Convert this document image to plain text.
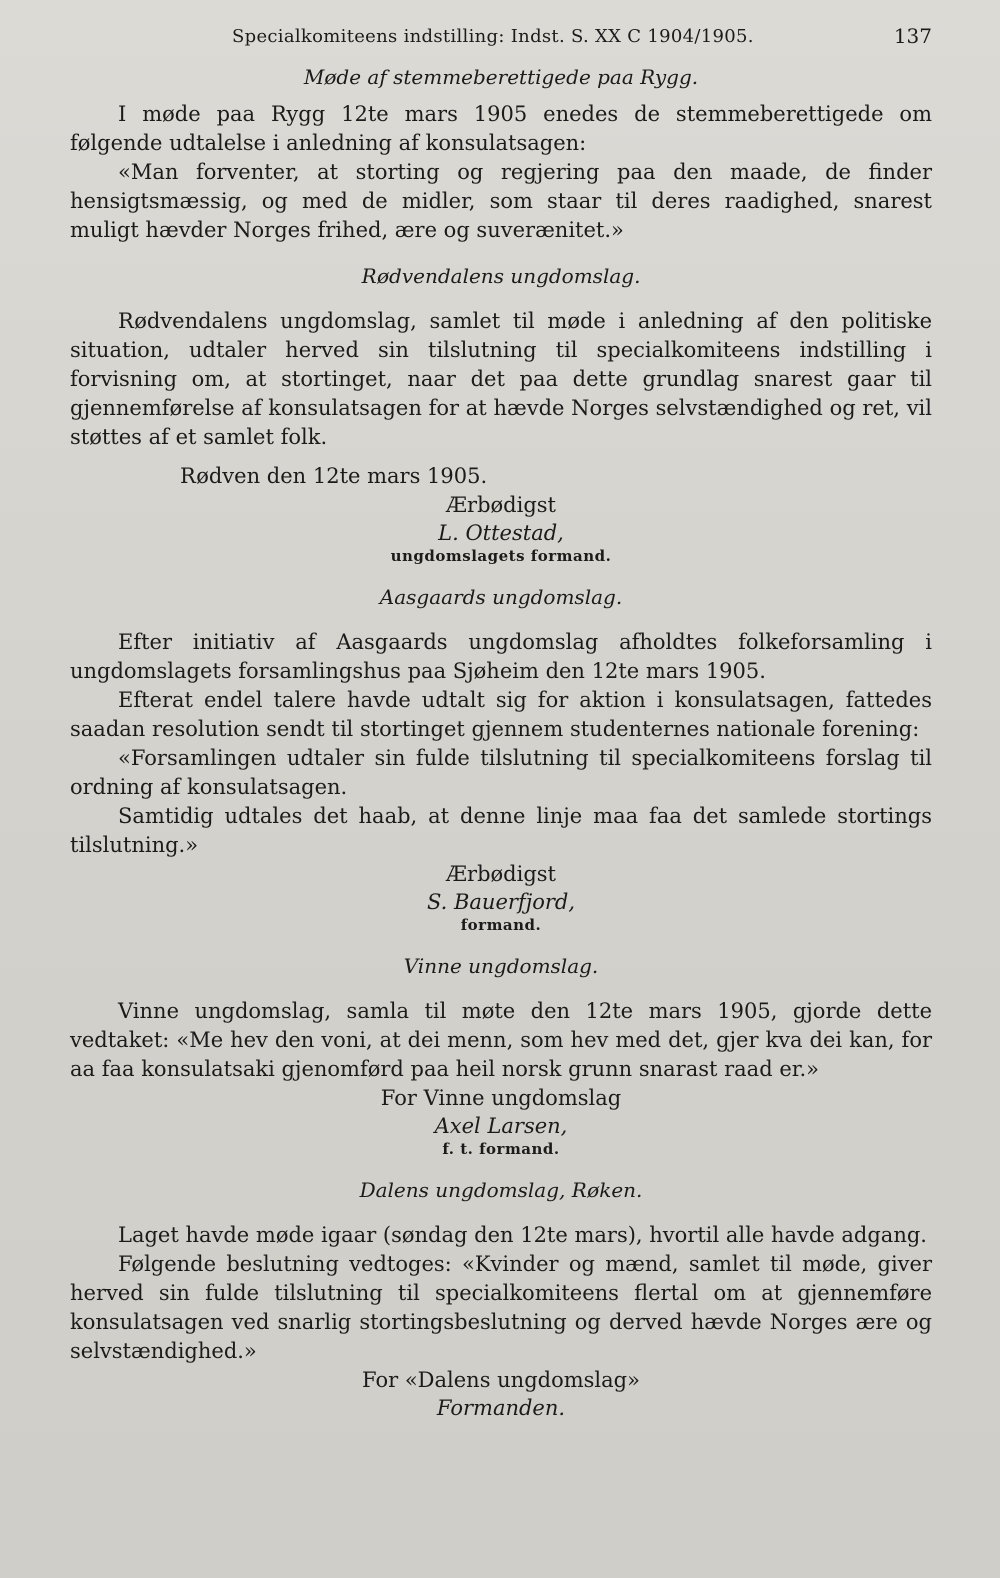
Specialkomiteens indstilling: Indst. S. XX C 1904/1905.	137

Møde af stemmeberettigede paa Rygg.

I møde paa Rygg 12te mars 1905 enedes de stemmeberettigede om følgende udtalelse i anledning af konsulatsagen:

«Man forventer, at storting og regjering paa den maade, de finder hensigtsmæssig, og med de midler, som staar til deres raadighed, snarest muligt hævder Norges frihed, ære og suverænitet.»

Rødvendalens ungdomslag.

Rødvendalens ungdomslag, samlet til møde i anledning af den politiske situation, udtaler herved sin tilslutning til specialkomiteens indstilling i forvisning om, at stortinget, naar det paa dette grundlag snarest gaar til gjennemførelse af konsulatsagen for at hævde Norges selvstændighed og ret, vil støttes af et samlet folk.

Rødven den 12te mars 1905.

Ærbødigst

L. Ottestad,

ungdomslagets formand.

Aasgaards ungdomslag.

Efter initiativ af Aasgaards ungdomslag afholdtes folkeforsamling i ungdomslagets forsamlingshus paa Sjøheim den 12te mars 1905.

Efterat endel talere havde udtalt sig for aktion i konsulatsagen, fattedes saadan resolution sendt til stortinget gjennem studenternes nationale forening:

«Forsamlingen udtaler sin fulde tilslutning til specialkomiteens forslag til ordning af konsulatsagen.

Samtidig udtales det haab, at denne linje maa faa det samlede stortings tilslutning.»

Ærbødigst

S. Bauerfjord,

formand.

Vinne ungdomslag.

Vinne ungdomslag, samla til møte den 12te mars 1905, gjorde dette vedtaket: «Me hev den voni, at dei menn, som hev med det, gjer kva dei kan, for aa faa konsulatsaki gjenomførd paa heil norsk grunn snarast raad er.»

For Vinne ungdomslag

Axel Larsen,

f. t. formand.

Dalens ungdomslag, Røken.

Laget havde møde igaar (søndag den 12te mars), hvortil alle havde adgang.

Følgende beslutning vedtoges: «Kvinder og mænd, samlet til møde, giver herved sin fulde tilslutning til specialkomiteens flertal om at gjennemføre konsulatsagen ved snarlig stortingsbeslutning og derved hævde Norges ære og selvstændighed.»

For «Dalens ungdomslag»

Formanden.
